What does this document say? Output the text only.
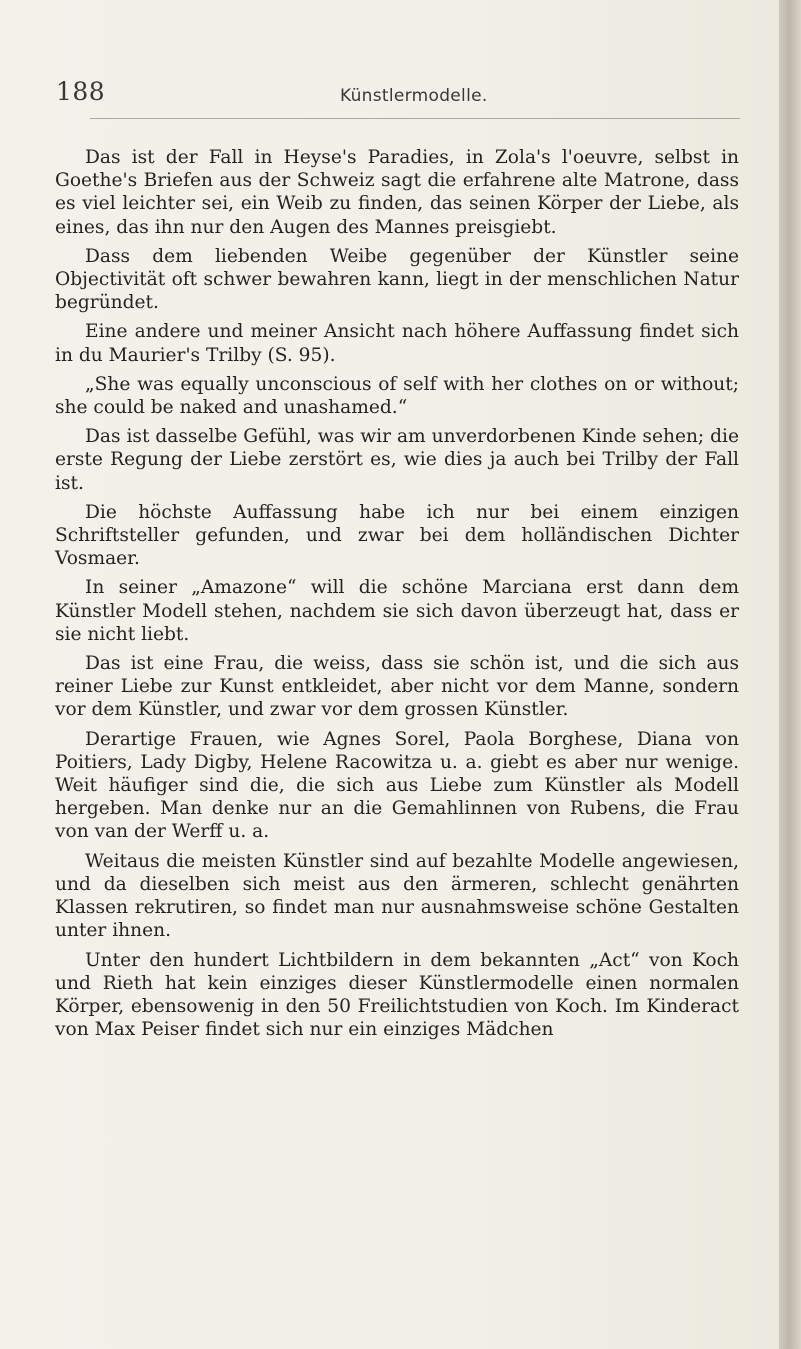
188	Künstlermodelle.

Das ist der Fall in Heyse's Paradies, in Zola's l'oeuvre, selbst in Goethe's Briefen aus der Schweiz sagt die erfahrene alte Matrone, dass es viel leichter sei, ein Weib zu finden, das seinen Körper der Liebe, als eines, das ihn nur den Augen des Mannes preisgiebt.

Dass dem liebenden Weibe gegenüber der Künstler seine Objectivität oft schwer bewahren kann, liegt in der menschlichen Natur begründet.

Eine andere und meiner Ansicht nach höhere Auffassung findet sich in du Maurier's Trilby (S. 95).

„She was equally unconscious of self with her clothes on or without; she could be naked and unashamed.“

Das ist dasselbe Gefühl, was wir am unverdorbenen Kinde sehen; die erste Regung der Liebe zerstört es, wie dies ja auch bei Trilby der Fall ist.

Die höchste Auffassung habe ich nur bei einem einzigen Schriftsteller gefunden, und zwar bei dem holländischen Dichter Vosmaer.

In seiner „Amazone“ will die schöne Marciana erst dann dem Künstler Modell stehen, nachdem sie sich davon überzeugt hat, dass er sie nicht liebt.

Das ist eine Frau, die weiss, dass sie schön ist, und die sich aus reiner Liebe zur Kunst entkleidet, aber nicht vor dem Manne, sondern vor dem Künstler, und zwar vor dem grossen Künstler.

Derartige Frauen, wie Agnes Sorel, Paola Borghese, Diana von Poitiers, Lady Digby, Helene Racowitza u. a. giebt es aber nur wenige. Weit häufiger sind die, die sich aus Liebe zum Künstler als Modell hergeben. Man denke nur an die Gemahlinnen von Rubens, die Frau von van der Werff u. a.

Weitaus die meisten Künstler sind auf bezahlte Modelle angewiesen, und da dieselben sich meist aus den ärmeren, schlecht genährten Klassen rekrutiren, so findet man nur ausnahmsweise schöne Gestalten unter ihnen.

Unter den hundert Lichtbildern in dem bekannten „Act“ von Koch und Rieth hat kein einziges dieser Künstlermodelle einen normalen Körper, ebensowenig in den 50 Freilichtstudien von Koch. Im Kinderact von Max Peiser findet sich nur ein einziges Mädchen
